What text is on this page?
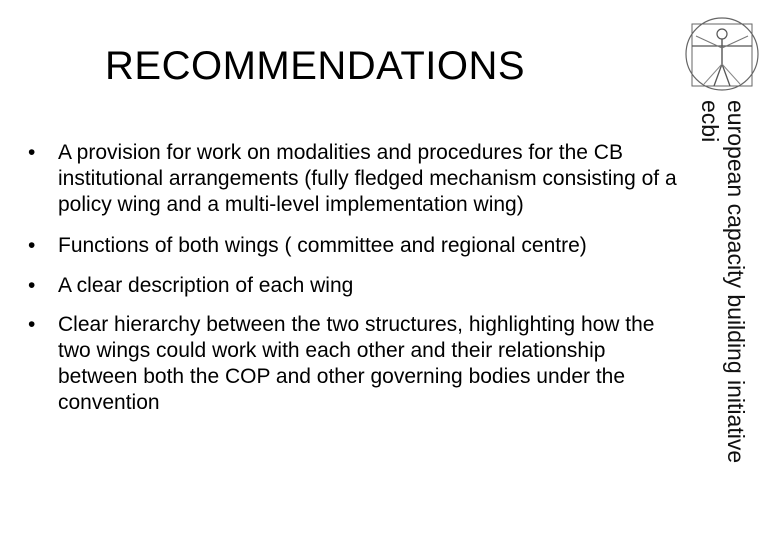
RECOMMENDATIONS
• A provision for work on modalities and procedures for the CB institutional arrangements (fully fledged mechanism consisting of a policy wing and a multi-level implementation wing)
• Functions of both wings ( committee and regional centre)
• A clear description of each wing
• Clear hierarchy between the two structures, highlighting how the two wings could work with each other and their relationship between both the COP and other governing bodies under the convention	european capacity building initiative
ecbi
